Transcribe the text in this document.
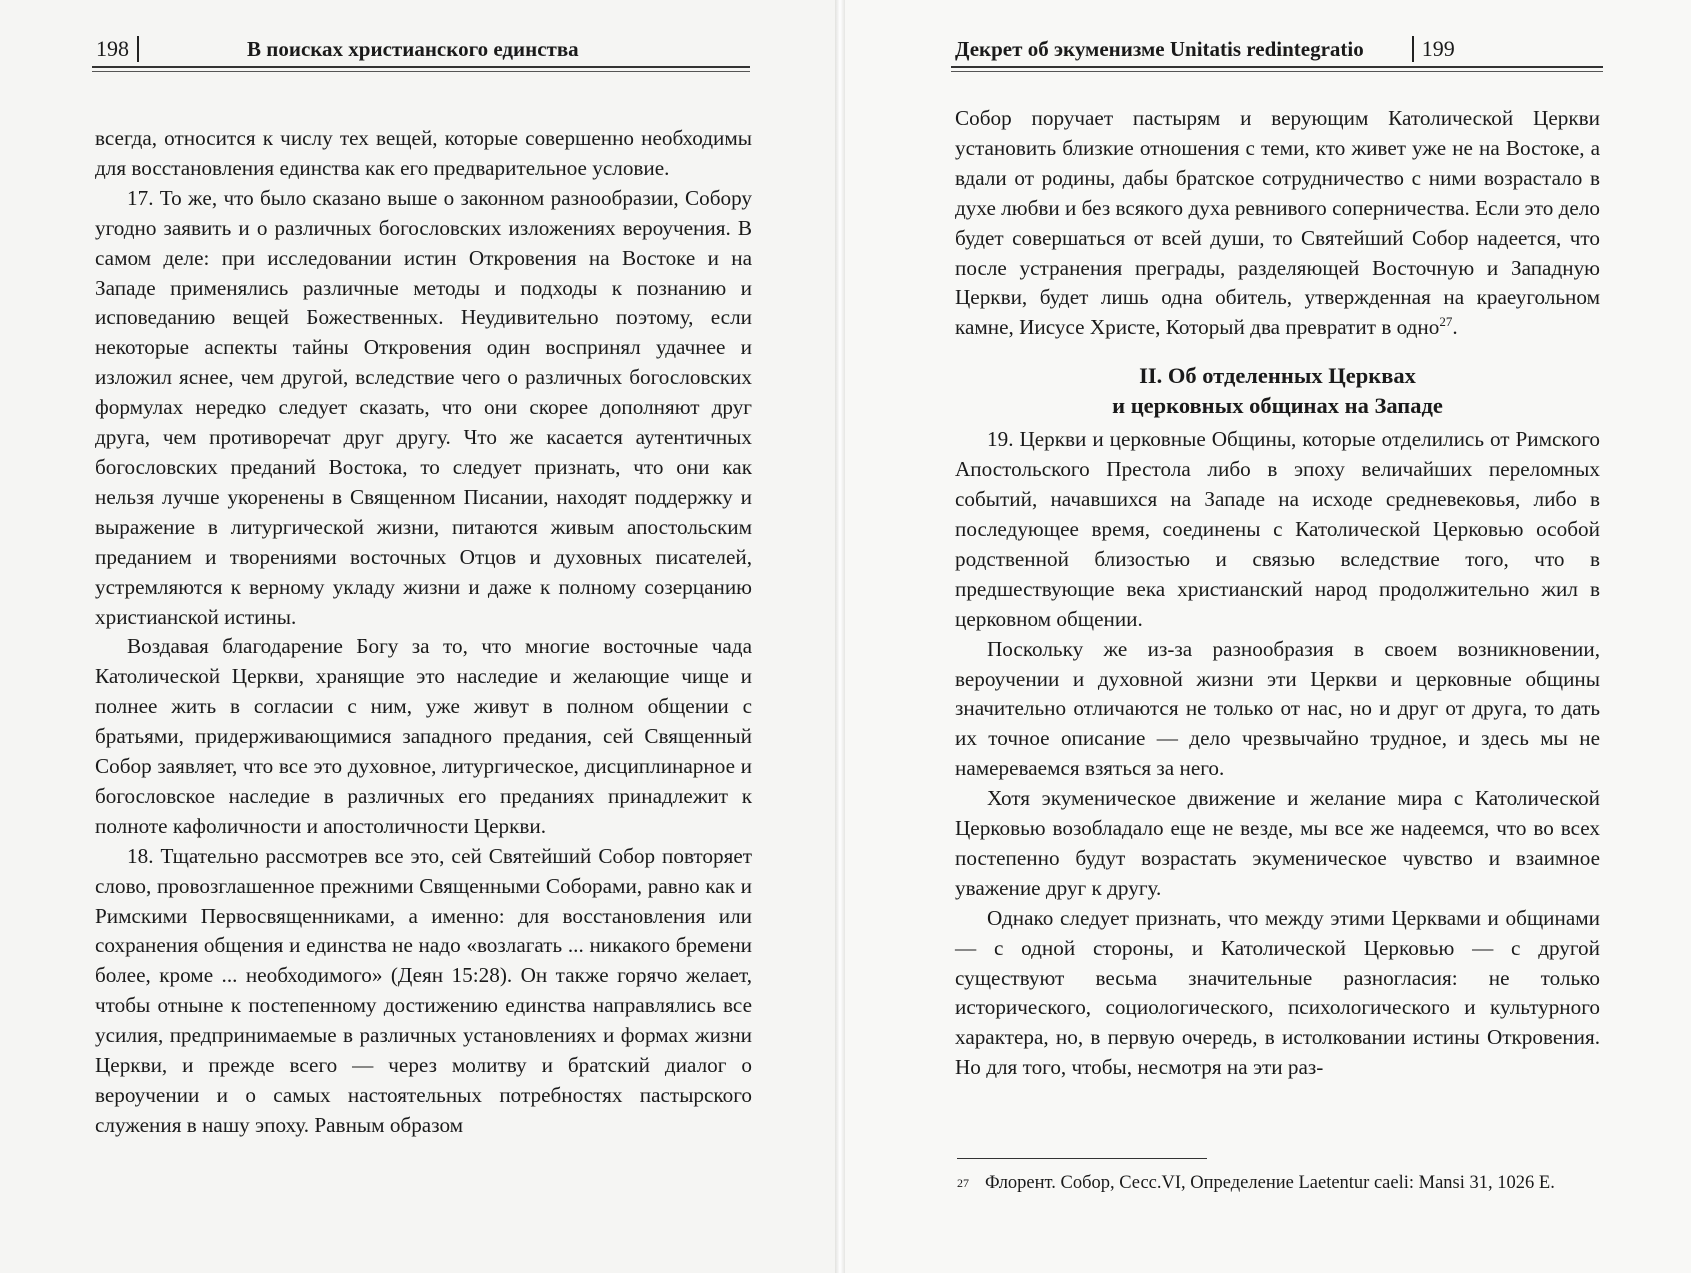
198	В поисках христианского единства

всегда, относится к числу тех вещей, которые совершенно необходимы для восстановления единства как его предварительное условие.

17. То же, что было сказано выше о законном разнообразии, Собору угодно заявить и о различных богословских изложениях вероучения. В самом деле: при исследовании истин Откровения на Востоке и на Западе применялись различные методы и подходы к познанию и исповеданию вещей Божественных. Неудивительно поэтому, если некоторые аспекты тайны Откровения один воспринял удачнее и изложил яснее, чем другой, вследствие чего о различных богословских формулах нередко следует сказать, что они скорее дополняют друг друга, чем противоречат друг другу. Что же касается аутентичных богословских преданий Востока, то следует признать, что они как нельзя лучше укоренены в Священном Писании, находят поддержку и выражение в литургической жизни, питаются живым апостольским преданием и творениями восточных Отцов и духовных писателей, устремляются к верному укладу жизни и даже к полному созерцанию христианской истины.

Воздавая благодарение Богу за то, что многие восточные чада Католической Церкви, хранящие это наследие и желающие чище и полнее жить в согласии с ним, уже живут в полном общении с братьями, придерживающимися западного предания, сей Священный Собор заявляет, что все это духовное, литургическое, дисциплинарное и богословское наследие в различных его преданиях принадлежит к полноте кафоличности и апостоличности Церкви.

18. Тщательно рассмотрев все это, сей Святейший Собор повторяет слово, провозглашенное прежними Священными Соборами, равно как и Римскими Первосвященниками, а именно: для восстановления или сохранения общения и единства не надо «возлагать ... никакого бремени более, кроме ... необходимого» (Деян 15:28). Он также горячо желает, чтобы отныне к постепенному достижению единства направлялись все усилия, предпринимаемые в различных установлениях и формах жизни Церкви, и прежде всего — через молитву и братский диалог о вероучении и о самых настоятельных потребностях пастырского служения в нашу эпоху. Равным образом

Декрет об экуменизме Unitatis redintegratio	199

Собор поручает пастырям и верующим Католической Церкви установить близкие отношения с теми, кто живет уже не на Востоке, а вдали от родины, дабы братское сотрудничество с ними возрастало в духе любви и без всякого духа ревнивого соперничества. Если это дело будет совершаться от всей души, то Святейший Собор надеется, что после устранения преграды, разделяющей Восточную и Западную Церкви, будет лишь одна обитель, утвержденная на краеугольном камне, Иисусе Христе, Который два превратит в одно$^{27}$.

II. Об отделенных Церквах
и церковных общинах на Западе

19. Церкви и церковные Общины, которые отделились от Римского Апостольского Престола либо в эпоху величайших переломных событий, начавшихся на Западе на исходе средневековья, либо в последующее время, соединены с Католической Церковью особой родственной близостью и связью вследствие того, что в предшествующие века христианский народ продолжительно жил в церковном общении.

Поскольку же из-за разнообразия в своем возникновении, вероучении и духовной жизни эти Церкви и церковные общины значительно отличаются не только от нас, но и друг от друга, то дать их точное описание — дело чрезвычайно трудное, и здесь мы не намереваемся взяться за него.

Хотя экуменическое движение и желание мира с Католической Церковью возобладало еще не везде, мы все же надеемся, что во всех постепенно будут возрастать экуменическое чувство и взаимное уважение друг к другу.

Однако следует признать, что между этими Церквами и общинами — с одной стороны, и Католической Церковью — с другой существуют весьма значительные разногласия: не только исторического, социологического, психологического и культурного характера, но, в первую очередь, в истолковании истины Откровения. Но для того, чтобы, несмотря на эти раз-

$^{27}$ Флорент. Собор, Сесс.VI, Определение Laetentur caeli: Mansi 31, 1026 E.
